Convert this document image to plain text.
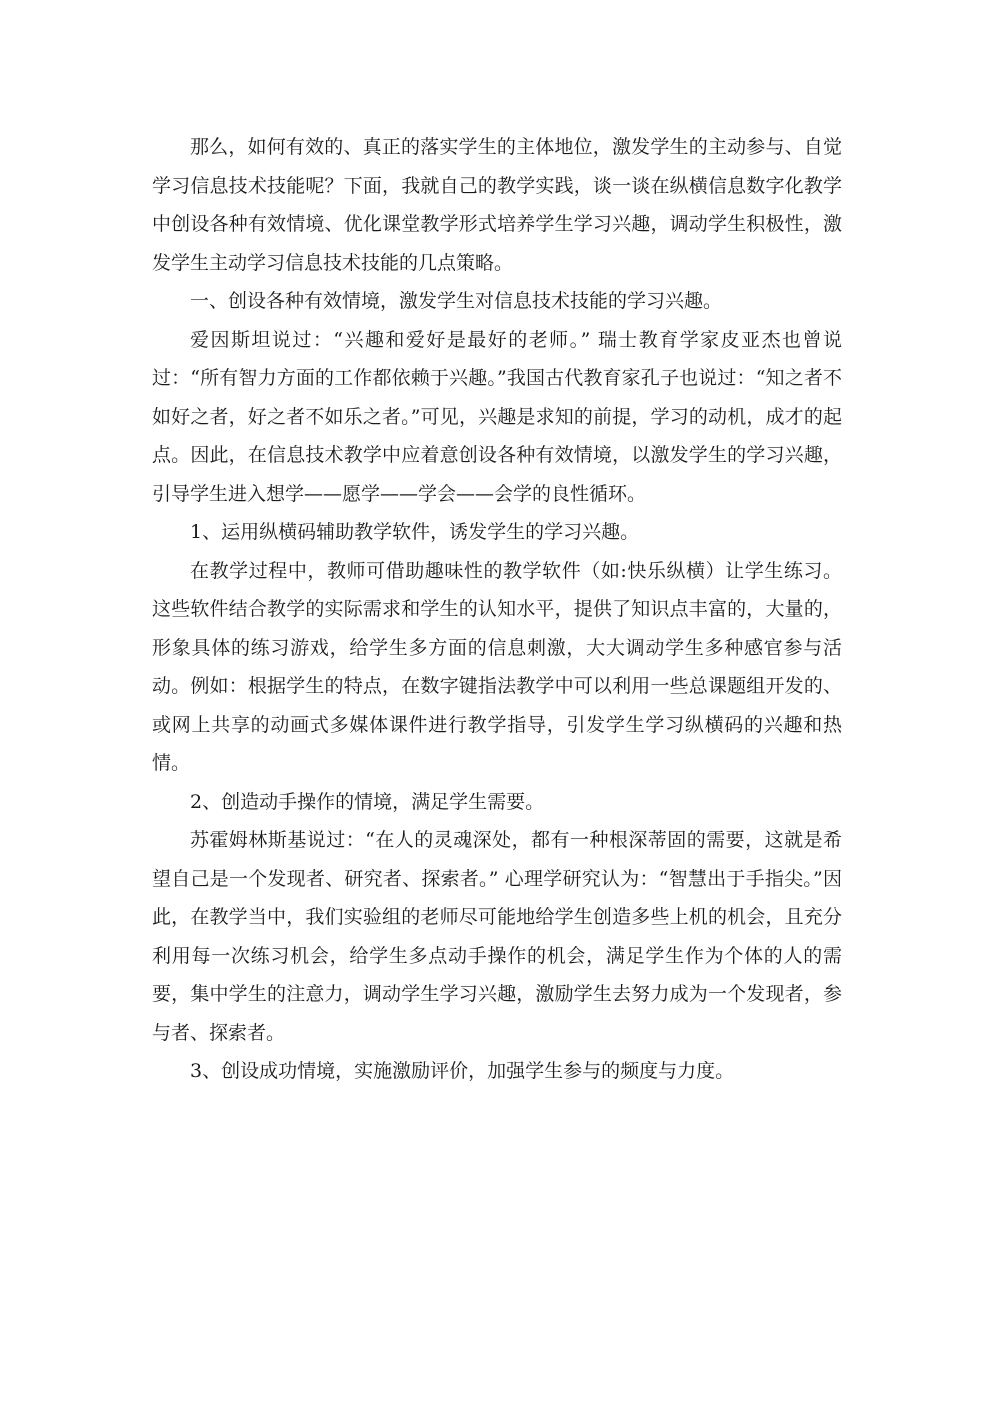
那么，如何有效的、真正的落实学生的主体地位，激发学生的主动参与、自觉学习信息技术技能呢？下面，我就自己的教学实践，谈一谈在纵横信息数字化教学中创设各种有效情境、优化课堂教学形式培养学生学习兴趣，调动学生积极性，激发学生主动学习信息技术技能的几点策略。

一、创设各种有效情境，激发学生对信息技术技能的学习兴趣。

爱因斯坦说过：“兴趣和爱好是最好的老师。” 瑞士教育学家皮亚杰也曾说过：“所有智力方面的工作都依赖于兴趣。”我国古代教育家孔子也说过：“知之者不如好之者，好之者不如乐之者。”可见，兴趣是求知的前提，学习的动机，成才的起点。因此，在信息技术教学中应着意创设各种有效情境，以激发学生的学习兴趣，引导学生进入想学——愿学——学会——会学的良性循环。

1、运用纵横码辅助教学软件，诱发学生的学习兴趣。

在教学过程中，教师可借助趣味性的教学软件（如:快乐纵横）让学生练习。这些软件结合教学的实际需求和学生的认知水平，提供了知识点丰富的，大量的，形象具体的练习游戏，给学生多方面的信息刺激，大大调动学生多种感官参与活动。例如：根据学生的特点，在数字键指法教学中可以利用一些总课题组开发的、或网上共享的动画式多媒体课件进行教学指导，引发学生学习纵横码的兴趣和热情。

2、创造动手操作的情境，满足学生需要。

苏霍姆林斯基说过：“在人的灵魂深处，都有一种根深蒂固的需要，这就是希望自己是一个发现者、研究者、探索者。” 心理学研究认为：“智慧出于手指尖。”因此，在教学当中，我们实验组的老师尽可能地给学生创造多些上机的机会，且充分利用每一次练习机会，给学生多点动手操作的机会，满足学生作为个体的人的需要，集中学生的注意力，调动学生学习兴趣，激励学生去努力成为一个发现者，参与者、探索者。

3、创设成功情境，实施激励评价，加强学生参与的频度与力度。
